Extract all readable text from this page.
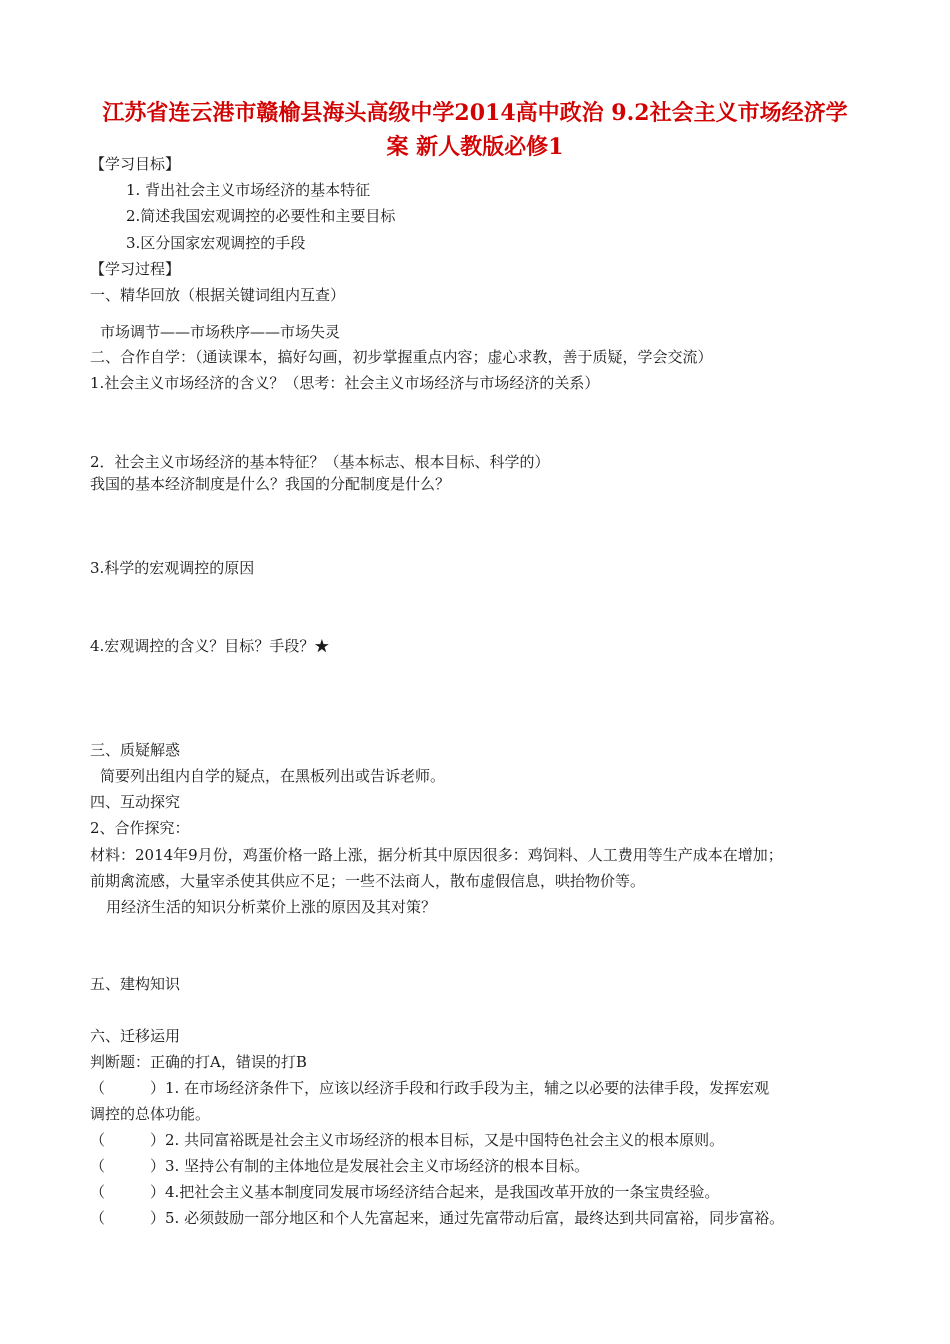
江苏省连云港市赣榆县海头高级中学2014高中政治 9.2社会主义市场经济学
案 新人教版必修1
【学习目标】
1. 背出社会主义市场经济的基本特征
2.简述我国宏观调控的必要性和主要目标
3.区分国家宏观调控的手段
【学习过程】
一、精华回放（根据关键词组内互查）
市场调节——市场秩序——市场失灵
二、合作自学：（通读课本，搞好勾画，初步掌握重点内容；虚心求教，善于质疑，学会交流）
1.社会主义市场经济的含义？（思考：社会主义市场经济与市场经济的关系）
2．社会主义市场经济的基本特征？（基本标志、根本目标、科学的）
我国的基本经济制度是什么？我国的分配制度是什么？
3.科学的宏观调控的原因
4.宏观调控的含义？目标？手段？★
三、质疑解惑
简要列出组内自学的疑点，在黑板列出或告诉老师。
四、互动探究
2、合作探究：
材料：2014年9月份，鸡蛋价格一路上涨，据分析其中原因很多：鸡饲料、人工费用等生产成本在增加；
前期禽流感，大量宰杀使其供应不足；一些不法商人，散布虚假信息，哄抬物价等。
用经济生活的知识分析菜价上涨的原因及其对策？
五、建构知识
六、迁移运用
判断题：正确的打A，错误的打B
（　　　）1. 在市场经济条件下，应该以经济手段和行政手段为主，辅之以必要的法律手段，发挥宏观
调控的总体功能。
（　　　）2. 共同富裕既是社会主义市场经济的根本目标，又是中国特色社会主义的根本原则。
（　　　）3. 坚持公有制的主体地位是发展社会主义市场经济的根本目标。
（　　　）4.把社会主义基本制度同发展市场经济结合起来，是我国改革开放的一条宝贵经验。
（　　　）5. 必须鼓励一部分地区和个人先富起来，通过先富带动后富，最终达到共同富裕，同步富裕。
